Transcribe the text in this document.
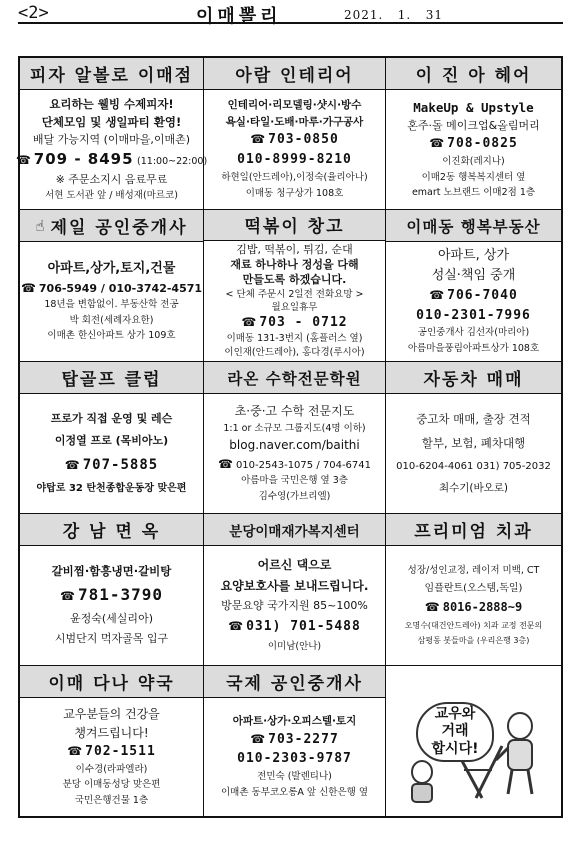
<2>	이매뽈리	2021.   1.   31
피자 알볼로 이매점
요리하는 웰빙 수제피자!
단체모임 및 생일파티 환영!
배달 가능지역 (이매마을,이매촌)
☎ 709 - 8495 (11:00~22:00)
※ 주문소지시 음료무료
서현 도서관 앞 / 배성재(마르코)
아람 인테리어
인테리어·리모델링·샷시·방수
욕실·타일·도배·마루·가구공사
☎ 703-0850
010-8999-8210
하현일(안드레아),이정숙(율리아나)
이매동 청구상가 108호
이 진 아 헤어
MakeUp & Upstyle
혼주·돌 메이크업&올림머리
☎ 708-0825
이진화(레지나)
이매2동 행복복지센터 옆
emart 노브랜드 이매2점 1층
☝ 제일 공인중개사
아파트,상가,토지,건물
☎ 706-5949 / 010-3742-4571
18년을 변함없이. 부동산학 전공
박 회전(세례자요한)
이매촌 한신아파트 상가 109호
떡볶이 창고
김밥, 떡볶이, 튀김, 순대
재료 하나하나 정성을 다해
만들도록 하겠습니다.
< 단체 주문시 2일전 전화요망 >
월요일휴무
☎ 703 - 0712
이매동 131-3번지 (홈플러스 옆)
이인재(안드레아), 홍다경(루시아)
이매동 행복부동산
아파트, 상가
성실·책임 중개
☎ 706-7040
010-2301-7996
공인중개사 김선자(마리아)
아름마을풍림아파트상가 108호
탑골프 클럽
프로가 직접 운영 및 레슨
이정열 프로 (목비아노)
☎ 707-5885
야탑로 32 탄천종합운동장 맞은편
라온 수학전문학원
초·중·고 수학 전문지도
1:1 or 소규모 그룹지도(4명 이하)
blog.naver.com/baithi
☎ 010-2543-1075 / 704-6741
아름마을 국민은행 옆 3층
김수영(가브리엘)
자동차 매매
중고차 매매, 출장 견적
할부, 보험, 폐차대행
010-6204-4061 031) 705-2032
최수기(바오로)
강 남 면 옥
갈비찜·함흥냉면·갈비탕
☎ 781-3790
윤정숙(세실리아)
시범단지 먹자골목 입구
분당이매재가복지센터
어르신 댁으로
요양보호사를 보내드립니다.
방문요양 국가지원 85~100%
☎ 031) 701-5488
이미남(안나)
프리미엄 치과
성장/성인교정, 레이저 미백, CT
임플란트(오스템,독일)
☎ 8016-2888~9
오명수(대건안드레아) 치과 교정 전문의
삼평동 봇들마을 (우리은행 3층)
이매 다나 약국
교우분들의 건강을
챙겨드립니다!
☎ 702-1511
이수경(라파엘라)
분당 이매동성당 맞은편
국민은행건물 1층
국제 공인중개사
아파트·상가·오피스텔·토지
☎ 703-2277
010-2303-9787
전민숙 (발렌티나)
이매촌 동부코오롱A 앞 신한은행 옆
교우와
거래
합시다!
